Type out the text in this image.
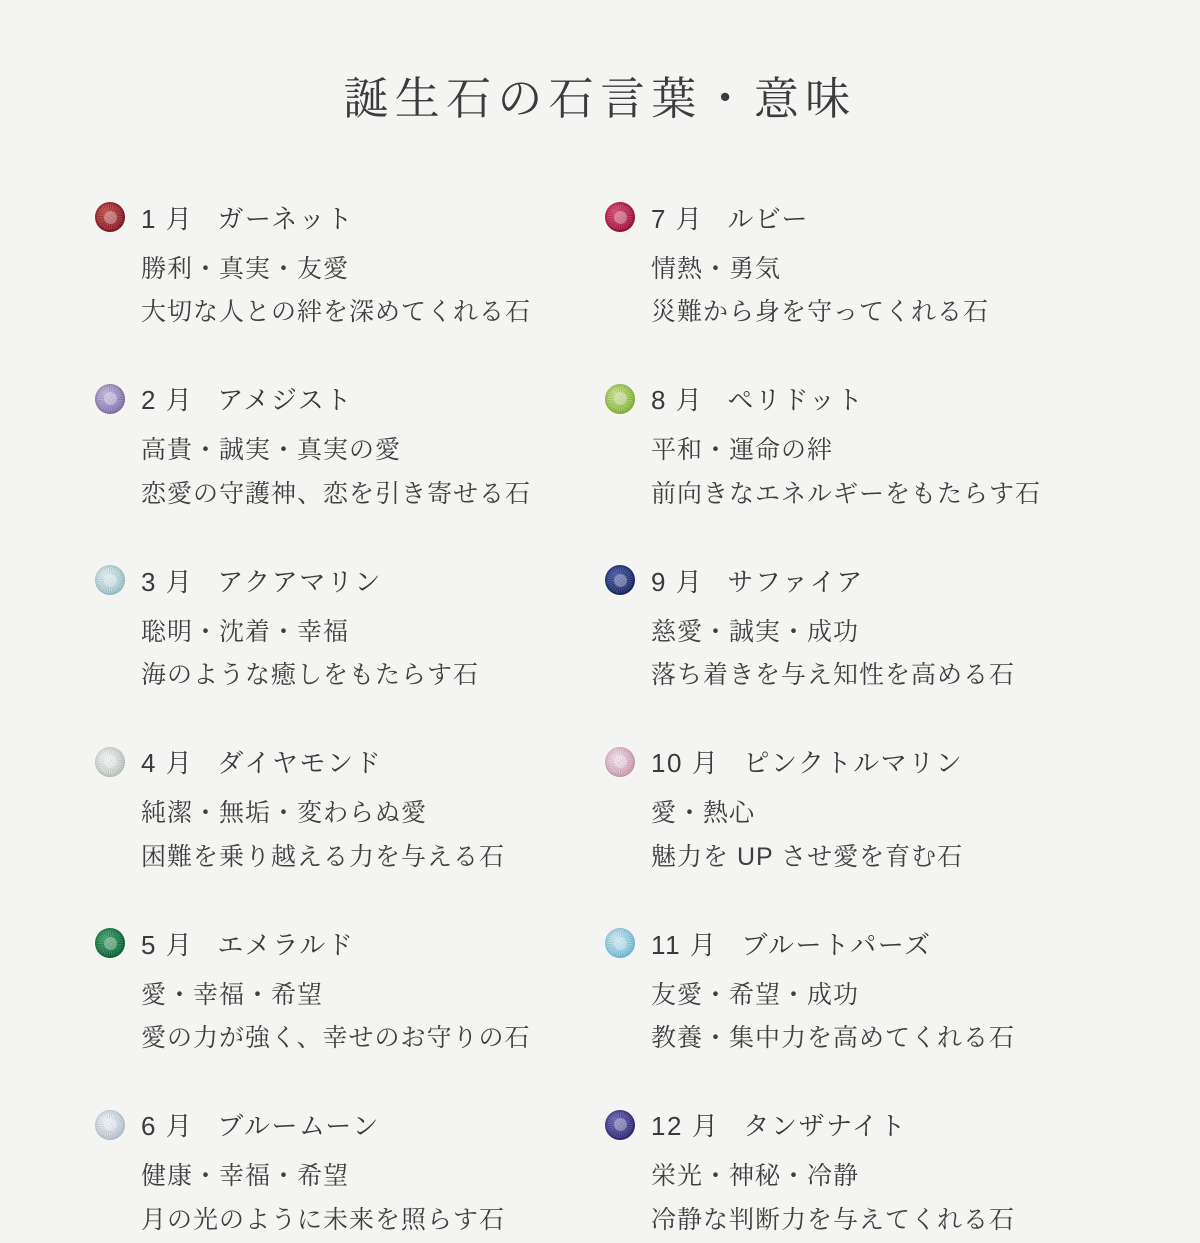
誕生石の石言葉・意味
1 月 ガーネット
勝利・真実・友愛
大切な人との絆を深めてくれる石
2 月 アメジスト
高貴・誠実・真実の愛
恋愛の守護神、恋を引き寄せる石
3 月 アクアマリン
聡明・沈着・幸福
海のような癒しをもたらす石
4 月 ダイヤモンド
純潔・無垢・変わらぬ愛
困難を乗り越える力を与える石
5 月 エメラルド
愛・幸福・希望
愛の力が強く、幸せのお守りの石
6 月 ブルームーン
健康・幸福・希望
月の光のように未来を照らす石
7 月 ルビー
情熱・勇気
災難から身を守ってくれる石
8 月 ペリドット
平和・運命の絆
前向きなエネルギーをもたらす石
9 月 サファイア
慈愛・誠実・成功
落ち着きを与え知性を高める石
10 月 ピンクトルマリン
愛・熱心
魅力を UP させ愛を育む石
11 月 ブルートパーズ
友愛・希望・成功
教養・集中力を高めてくれる石
12 月 タンザナイト
栄光・神秘・冷静
冷静な判断力を与えてくれる石
